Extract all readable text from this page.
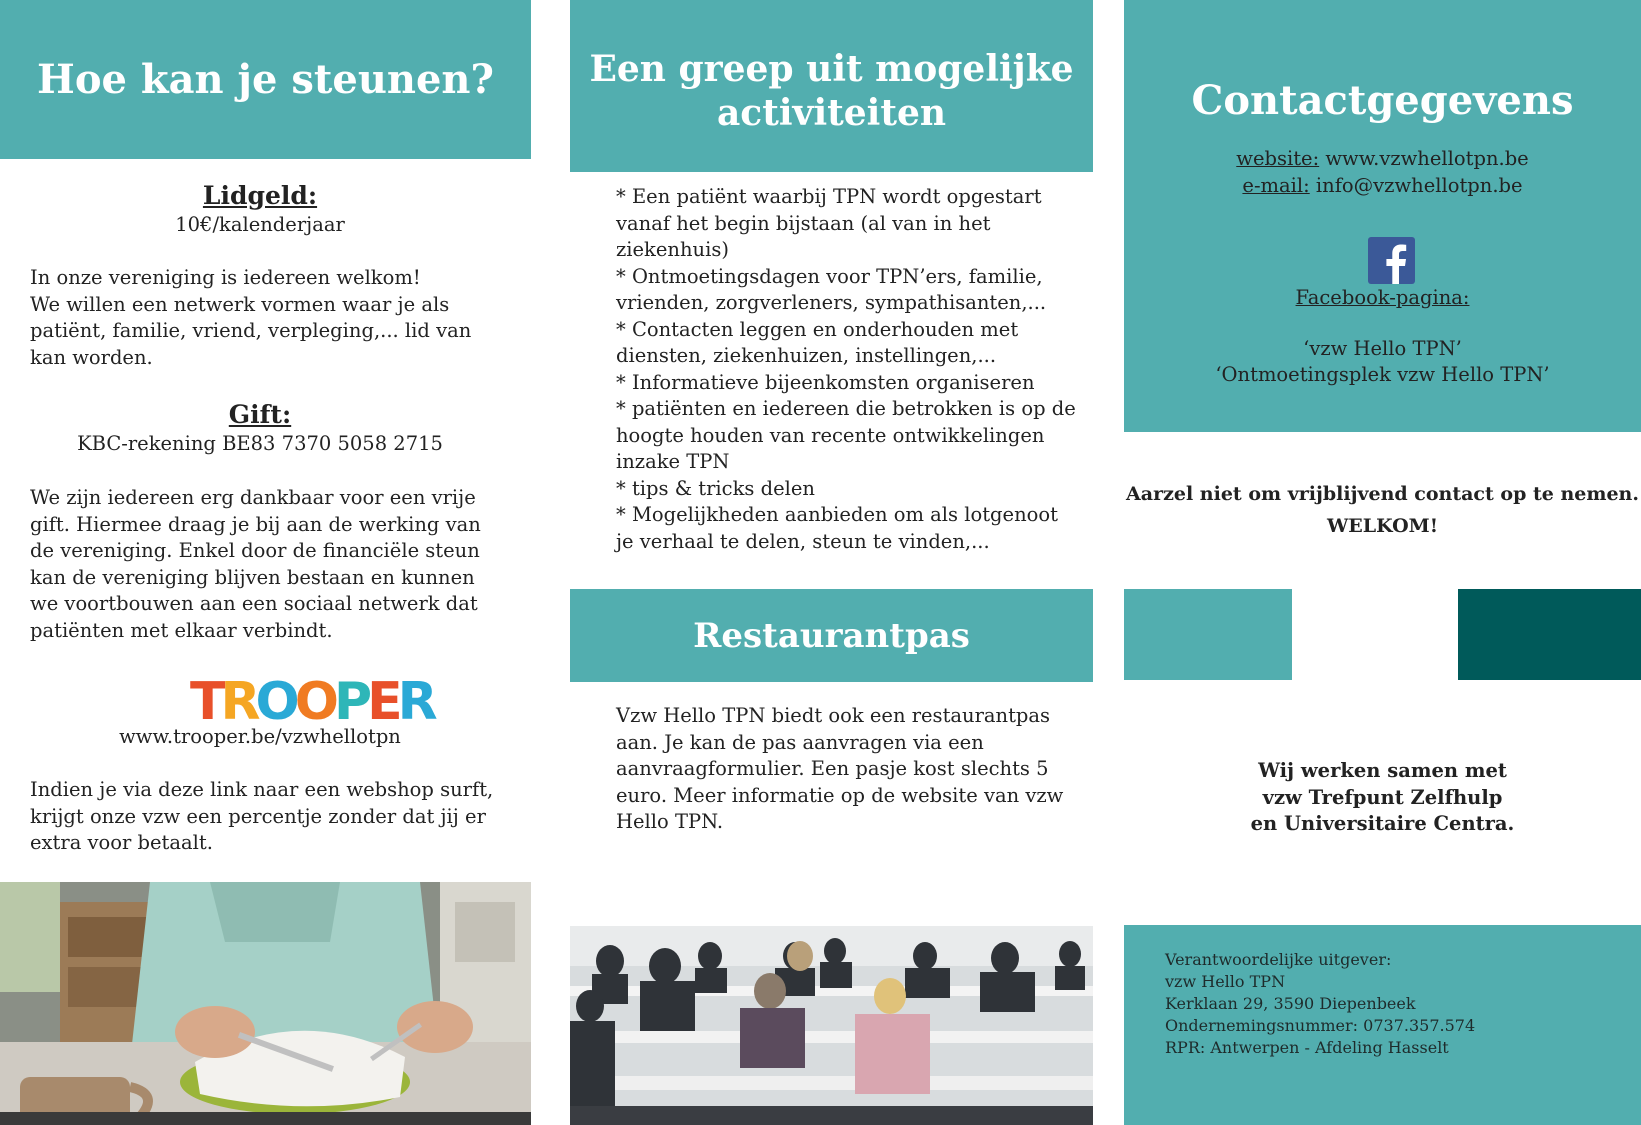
Hoe kan je steunen?

Lidgeld:

10€/kalenderjaar

In onze vereniging is iedereen welkom!

We willen een netwerk vormen waar je als

patiënt, familie, vriend, verpleging,... lid van

kan worden.

Gift:

KBC-rekening BE83 7370 5058 2715

We zijn iedereen erg dankbaar voor een vrije

gift. Hiermee draag je bij aan de werking van

de vereniging. Enkel door de financiële steun

kan de vereniging blijven bestaan en kunnen

we voortbouwen aan een sociaal netwerk dat

patiënten met elkaar verbindt.

TROOPER
www.trooper.be/vzwhellotpn

Indien je via deze link naar een webshop surft,

krijgt onze vzw een percentje zonder dat jij er

extra voor betaalt.

Een greep uit mogelijke
activiteiten

* Een patiënt waarbij TPN wordt opgestart

vanaf het begin bijstaan (al van in het

ziekenhuis)

* Ontmoetingsdagen voor TPN’ers, familie,

vrienden, zorgverleners, sympathisanten,...

* Contacten leggen en onderhouden met

diensten, ziekenhuizen, instellingen,...

* Informatieve bijeenkomsten organiseren

* patiënten en iedereen die betrokken is op de

hoogte houden van recente ontwikkelingen

inzake TPN

* tips & tricks delen

* Mogelijkheden aanbieden om als lotgenoot

je verhaal te delen, steun te vinden,...

Restaurantpas

Vzw Hello TPN biedt ook een restaurantpas

aan. Je kan de pas aanvragen via een

aanvraagformulier. Een pasje kost slechts 5

euro. Meer informatie op de website van vzw

Hello TPN.

Contactgegevens

website: www.vzwhellotpn.be

e-mail: info@vzwhellotpn.be

Facebook-pagina:

‘vzw Hello TPN’

‘Ontmoetingsplek vzw Hello TPN’

Aarzel niet om vrijblijvend contact op te nemen.

WELKOM!

Wij werken samen met

vzw Trefpunt Zelfhulp

en Universitaire Centra.

Verantwoordelijke uitgever:

vzw Hello TPN

Kerklaan 29, 3590 Diepenbeek

Ondernemingsnummer: 0737.357.574

RPR: Antwerpen - Afdeling Hasselt
